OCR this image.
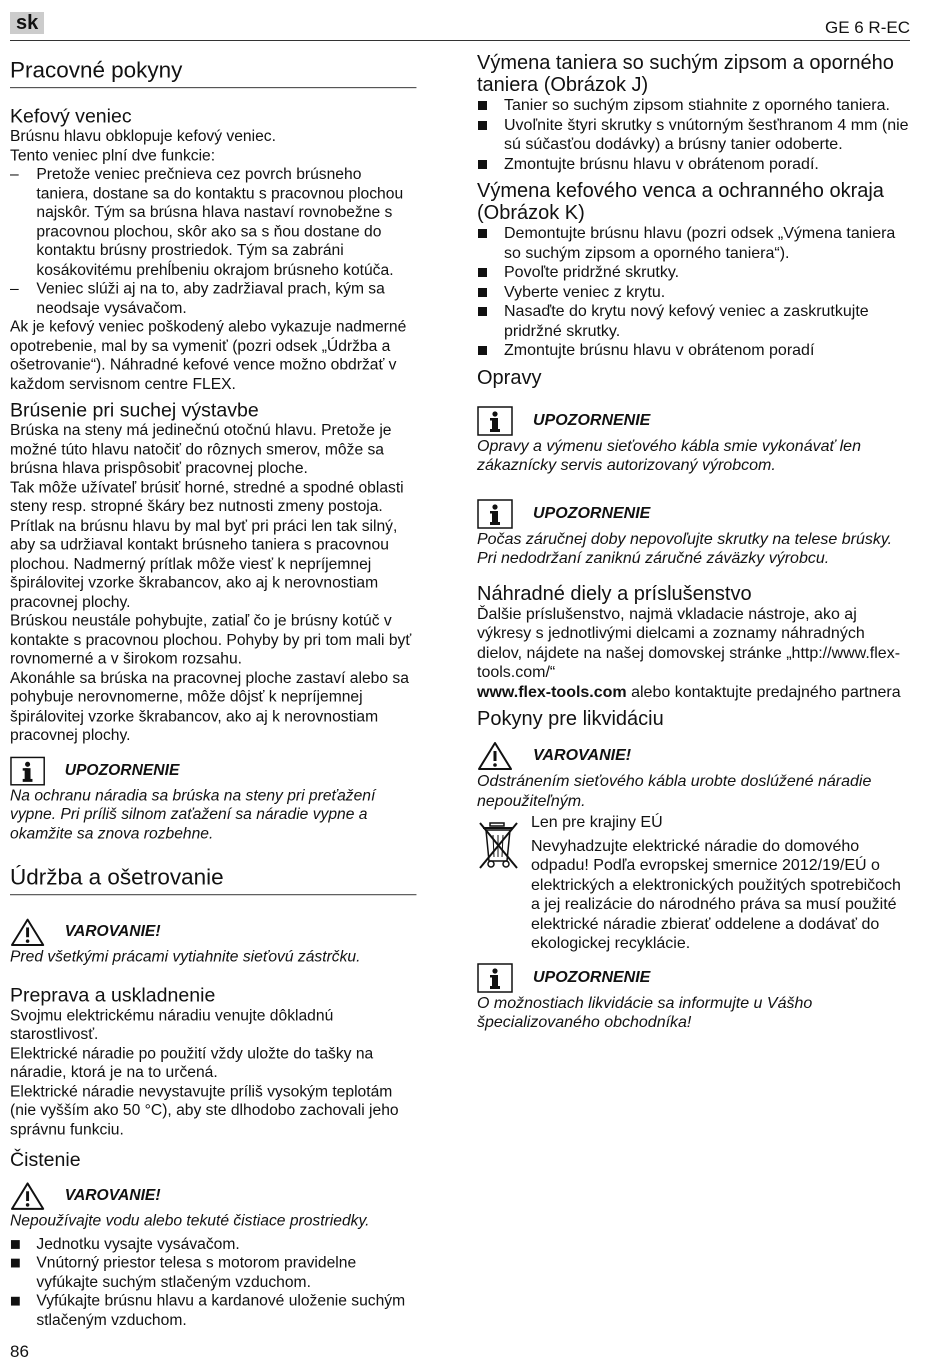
sk	GE 6 R-EC
Pracovné pokyny
Kefový veniec

Brúsnu hlavu obklopuje kefový veniec.

Tento veniec plní dve funkcie:

– Pretože veniec prečnieva cez povrch brúsneho taniera, dostane sa do kontaktu s pracovnou plochou najskôr. Tým sa brúsna hlava nastaví rovnobežne s pracovnou plochou, skôr ako sa s ňou dostane do kontaktu brúsny prostriedok. Tým sa zabráni kosákovitému prehĺbeniu okrajom brúsneho kotúča.
– Veniec slúži aj na to, aby zadržiaval prach, kým sa neodsaje vysávačom.

Ak je kefový veniec poškodený alebo vykazuje nadmerné opotrebenie, mal by sa vymeniť (pozri odsek „Údržba a ošetrovanie“). Náhradné kefové vence možno obdržať v každom servisnom centre FLEX.

Brúsenie pri suchej výstavbe

Brúska na steny má jedinečnú otočnú hlavu. Pretože je možné túto hlavu natočiť do rôznych smerov, môže sa brúsna hlava prispôsobiť pracovnej ploche.

Tak môže užívateľ brúsiť horné, stredné a spodné oblasti steny resp. stropné škáry bez nutnosti zmeny postoja.

Prítlak na brúsnu hlavu by mal byť pri práci len tak silný, aby sa udržiaval kontakt brúsneho taniera s pracovnou plochou. Nadmerný prítlak môže viesť k nepríjemnej špirálovitej vzorke škrabancov, ako aj k nerovnostiam pracovnej plochy.

Brúskou neustále pohybujte, zatiaľ čo je brúsny kotúč v kontakte s pracovnou plochou. Pohyby by pri tom mali byť rovnomerné a v širokom rozsahu.

Akonáhle sa brúska na pracovnej ploche zastaví alebo sa pohybuje nerovnomerne, môže dôjsť k nepríjemnej špirálovitej vzorke škrabancov, ako aj k nerovnostiam pracovnej plochy.

UPOZORNENIE

Na ochranu náradia sa brúska na steny pri preťažení vypne. Pri príliš silnom zaťažení sa náradie vypne a okamžite sa znova rozbehne.

Údržba a ošetrovanie
VAROVANIE!

Pred všetkými prácami vytiahnite sieťovú zástrčku.

Preprava a uskladnenie

Svojmu elektrickému náradiu venujte dôkladnú starostlivosť.

Elektrické náradie po použití vždy uložte do tašky na náradie, ktorá je na to určená.

Elektrické náradie nevystavujte príliš vysokým teplotám (nie vyšším ako 50 °C), aby ste dlhodobo zachovali jeho správnu funkciu.

Čistenie
VAROVANIE!

Nepoužívajte vodu alebo tekuté čistiace prostriedky.

Jednotku vysajte vysávačom.
Vnútorný priestor telesa s motorom pravidelne vyfúkajte suchým stlačeným vzduchom.
Vyfúkajte brúsnu hlavu a kardanové uloženie suchým stlačeným vzduchom.
Výmena taniera so suchým zipsom a oporného taniera (Obrázok J)
Tanier so suchým zipsom stiahnite z oporného taniera.
Uvoľnite štyri skrutky s vnútorným šesťhranom 4 mm (nie sú súčasťou dodávky) a brúsny tanier odoberte.
Zmontujte brúsnu hlavu v obrátenom poradí.
Výmena kefového venca a ochranného okraja (Obrázok K)
Demontujte brúsnu hlavu (pozri odsek „Výmena taniera so suchým zipsom a oporného taniera“).
Povoľte pridržné skrutky.
Vyberte veniec z krytu.
Nasaďte do krytu nový kefový veniec a zaskrutkujte pridržné skrutky.
Zmontujte brúsnu hlavu v obrátenom poradí
Opravy
UPOZORNENIE

Opravy a výmenu sieťového kábla smie vykonávať len zákaznícky servis autorizovaný výrobcom.

UPOZORNENIE

Počas záručnej doby nepovoľujte skrutky na telese brúsky. Pri nedodržaní zaniknú záručné záväzky výrobcu.

Náhradné diely a príslušenstvo

Ďalšie príslušenstvo, najmä vkladacie nástroje, ako aj výkresy s jednotlivými dielcami a zoznamy náhradných dielov, nájdete na našej domovskej stránke „http://www.flex-tools.com/“
www.flex-tools.com alebo kontaktujte predajného partnera

Pokyny pre likvidáciu
VAROVANIE!

Odstránením sieťového kábla urobte doslúžené náradie nepoužiteľným.

Len pre krajiny EÚ

Nevyhadzujte elektrické náradie do domového odpadu! Podľa evropskej smernice 2012/19/EÚ o elektrických a elektronických použitých spotrebičoch a jej realizácie do národného práva sa musí použité elektrické náradie zbierať oddelene a dodávať do ekologickej recyklácie.

UPOZORNENIE

O možnostiach likvidácie sa informujte u Vášho špecializovaného obchodníka!

86
